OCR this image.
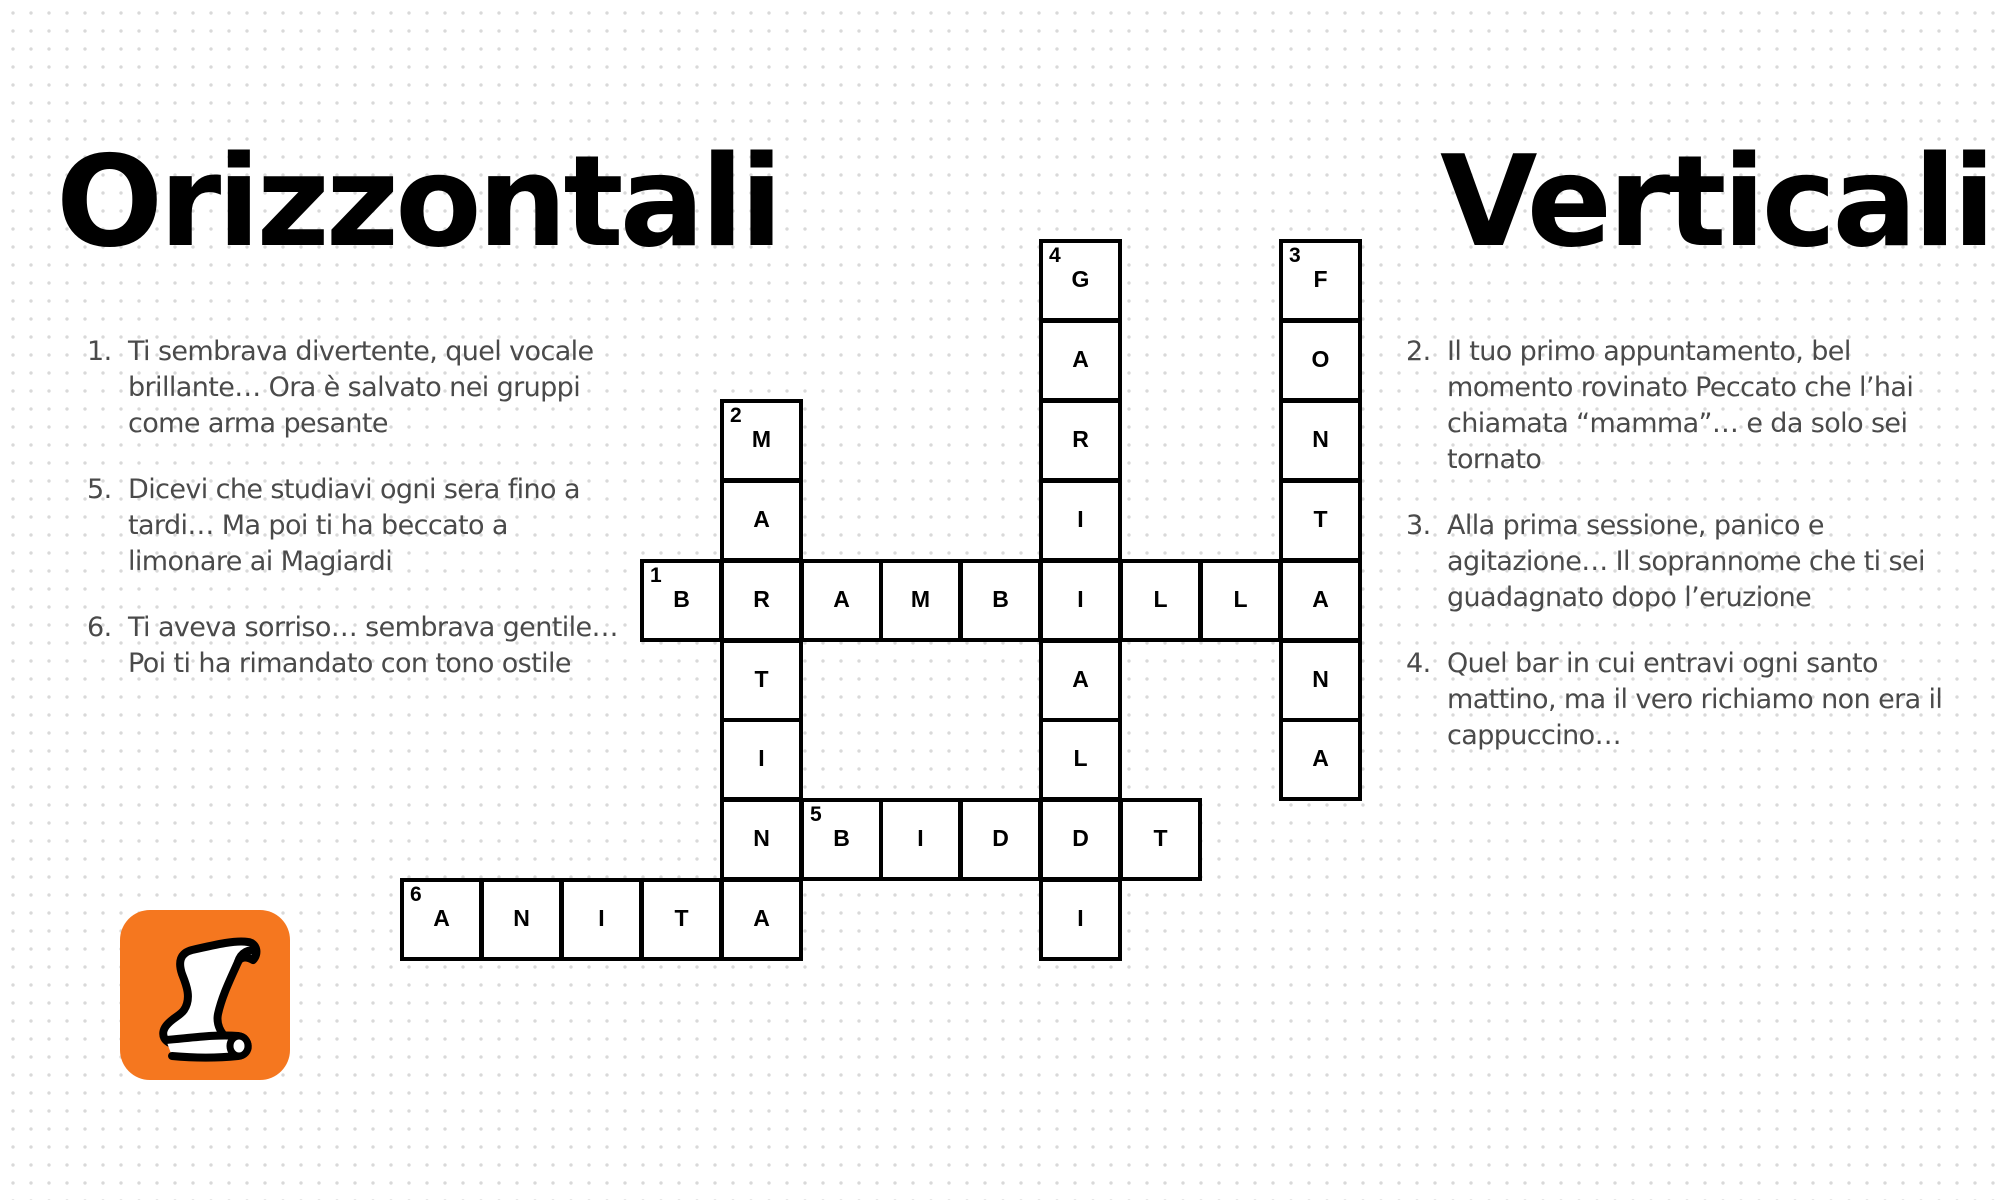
Orizzontali	Verticali
1. Ti sembrava divertente, quel vocale brillante… Ora è salvato nei gruppi come arma pesante
5. Dicevi che studiavi ogni sera fino a tardi… Ma poi ti ha beccato a limonare ai Magiardi
6. Ti aveva sorriso… sembrava gentile… Poi ti ha rimandato con tono ostile
2. Il tuo primo appuntamento, bel momento rovinato Peccato che l’hai chiamata “mamma”… e da solo sei tornato
3. Alla prima sessione, panico e agitazione… Il soprannome che ti sei guadagnato dopo l’eruzione
4. Quel bar in cui entravi ogni santo mattino, ma il vero richiamo non era il cappuccino…
1
B	R	A	M	B	I	L	L	A
2
M
A
T
I
N
3
F
O
N
T
N
A
4
G
A
R
I
A
L
D
I
5
B	I	D	T
6
A	N	I	T	A
